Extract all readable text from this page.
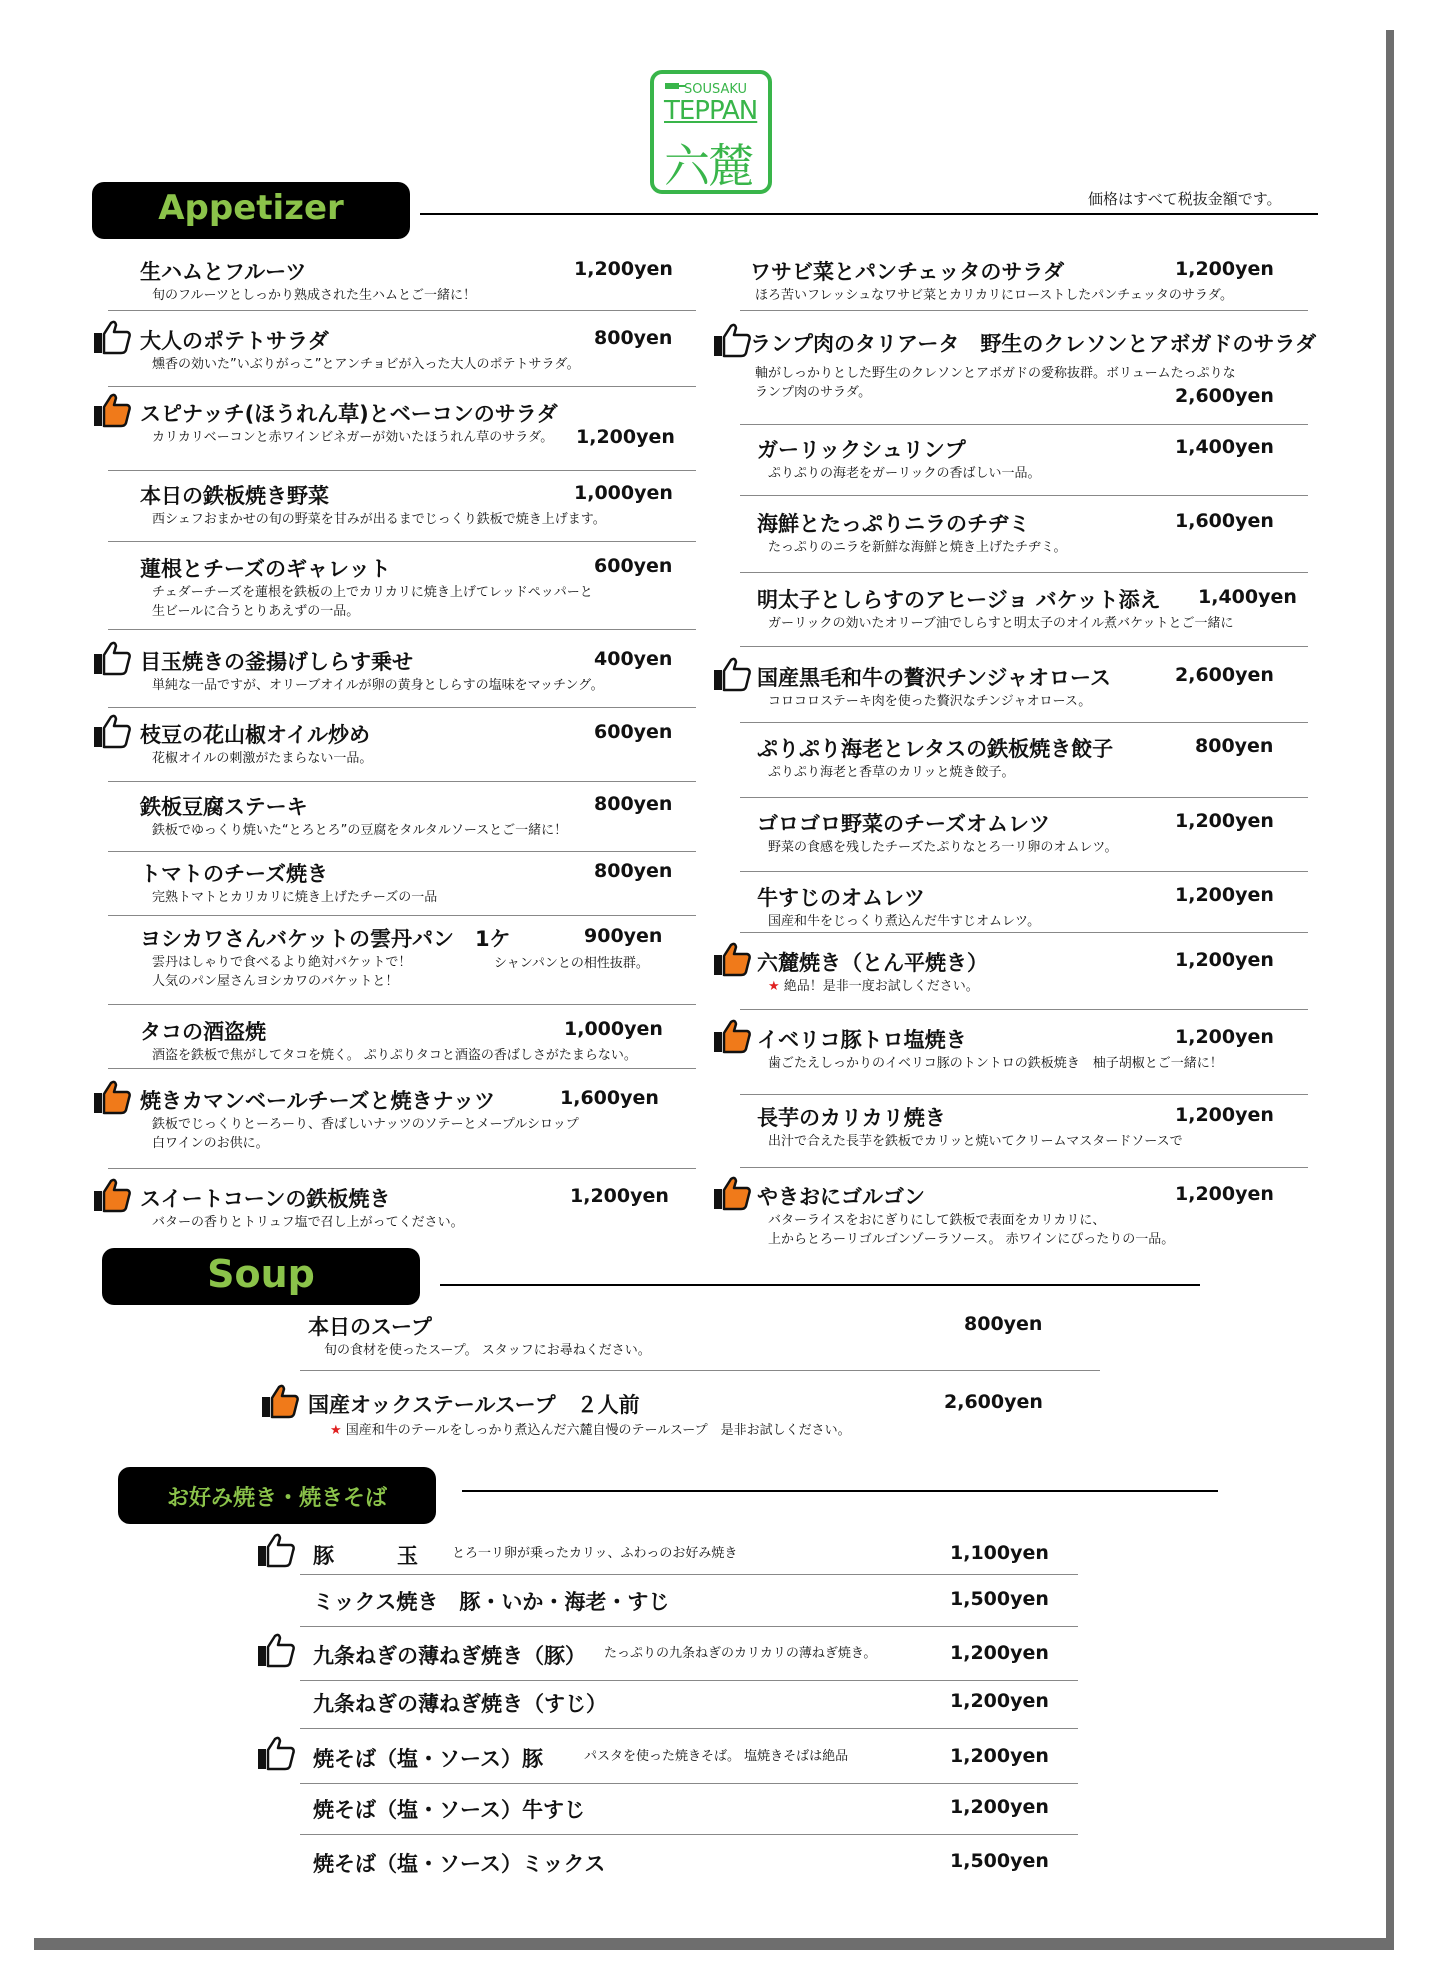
SOUSAKU
TEPPAN
六麓
Appetizer	価格はすべて税抜金額です。
Soup
お好み焼き・焼きそば
生ハムとフルーツ	1,200yen
旬のフルーツとしっかり熟成された生ハムとご一緒に！
大人のポテトサラダ	800yen
燻香の効いた”いぶりがっこ”とアンチョビが入った大人のポテトサラダ。
スピナッチ(ほうれん草)とベーコンのサラダ
1,200yen
カリカリベーコンと赤ワインビネガーが効いたほうれん草のサラダ。
本日の鉄板焼き野菜	1,000yen
西シェフおまかせの旬の野菜を甘みが出るまでじっくり鉄板で焼き上げます。
蓮根とチーズのギャレット	600yen
チェダーチーズを蓮根を鉄板の上でカリカリに焼き上げてレッドペッパーと
生ビールに合うとりあえずの一品。
目玉焼きの釜揚げしらす乗せ	400yen
単純な一品ですが、オリーブオイルが卵の黄身としらすの塩味をマッチング。
枝豆の花山椒オイル炒め	600yen
花椒オイルの刺激がたまらない一品。
鉄板豆腐ステーキ	800yen
鉄板でゆっくり焼いた“とろとろ”の豆腐をタルタルソースとご一緒に！
トマトのチーズ焼き	800yen
完熟トマトとカリカリに焼き上げたチーズの一品
ヨシカワさんバケットの雲丹パン　1ケ	900yen
雲丹はしゃりで食べるより絶対バケットで！
人気のパン屋さんヨシカワのバケットと！
シャンパンとの相性抜群。
タコの酒盗焼	1,000yen
酒盗を鉄板で焦がしてタコを焼く。 ぷりぷりタコと酒盗の香ばしさがたまらない。
焼きカマンベールチーズと焼きナッツ	1,600yen
鉄板でじっくりとーろーり、香ばしいナッツのソテーとメープルシロップ
白ワインのお供に。
スイートコーンの鉄板焼き	1,200yen
バターの香りとトリュフ塩で召し上がってください。
ワサビ菜とパンチェッタのサラダ	1,200yen
ほろ苦いフレッシュなワサビ菜とカリカリにローストしたパンチェッタのサラダ。
ランプ肉のタリアータ　野生のクレソンとアボガドのサラダ
2,600yen
軸がしっかりとした野生のクレソンとアボガドの愛称抜群。ボリュームたっぷりな
ランプ肉のサラダ。
ガーリックシュリンプ	1,400yen
ぷりぷりの海老をガーリックの香ばしい一品。
海鮮とたっぷりニラのチヂミ	1,600yen
たっぷりのニラを新鮮な海鮮と焼き上げたチヂミ。
明太子としらすのアヒージョ バケット添え 1,400yen
ガーリックの効いたオリーブ油でしらすと明太子のオイル煮バケットとご一緒に
国産黒毛和牛の贅沢チンジャオロース	2,600yen
コロコロステーキ肉を使った贅沢なチンジャオロース。
ぷりぷり海老とレタスの鉄板焼き餃子	800yen
ぷりぷり海老と香草のカリッと焼き餃子。
ゴロゴロ野菜のチーズオムレツ	1,200yen
野菜の食感を残したチーズたぷりなとろ一リ卵のオムレツ。
牛すじのオムレツ	1,200yen
国産和牛をじっくり煮込んだ牛すじオムレツ。
六麓焼き（とん平焼き）	1,200yen
★ 絶品！是非一度お試しください。
イベリコ豚トロ塩焼き	1,200yen
歯ごたえしっかりのイベリコ豚のトントロの鉄板焼き　柚子胡椒とご一緒に！
長芋のカリカリ焼き	1,200yen
出汁で合えた長芋を鉄板でカリッと焼いてクリームマスタードソースで
やきおにゴルゴン	1,200yen
バターライスをおにぎりにして鉄板で表面をカリカリに、
上からとろーリゴルゴンゾーラソース。 赤ワインにぴったりの一品。
本日のスープ	800yen
旬の食材を使ったスープ。 スタッフにお尋ねください。
国産オックステールスープ　２人前	2,600yen
★ 国産和牛のテールをしっかり煮込んだ六麓自慢のテールスープ　是非お試しください。
豚　　　玉	とろ一リ卵が乗ったカリッ、ふわっのお好み焼き	1,100yen
ミックス焼き　豚・いか・海老・すじ	1,500yen
九条ねぎの薄ねぎ焼き（豚） たっぷりの九条ねぎのカリカリの薄ねぎ焼き。	1,200yen
九条ねぎの薄ねぎ焼き（すじ）	1,200yen
焼そば（塩・ソース）豚	パスタを使った焼きそば。 塩焼きそばは絶品	1,200yen
焼そば（塩・ソース）牛すじ	1,200yen
焼そば（塩・ソース）ミックス	1,500yen
